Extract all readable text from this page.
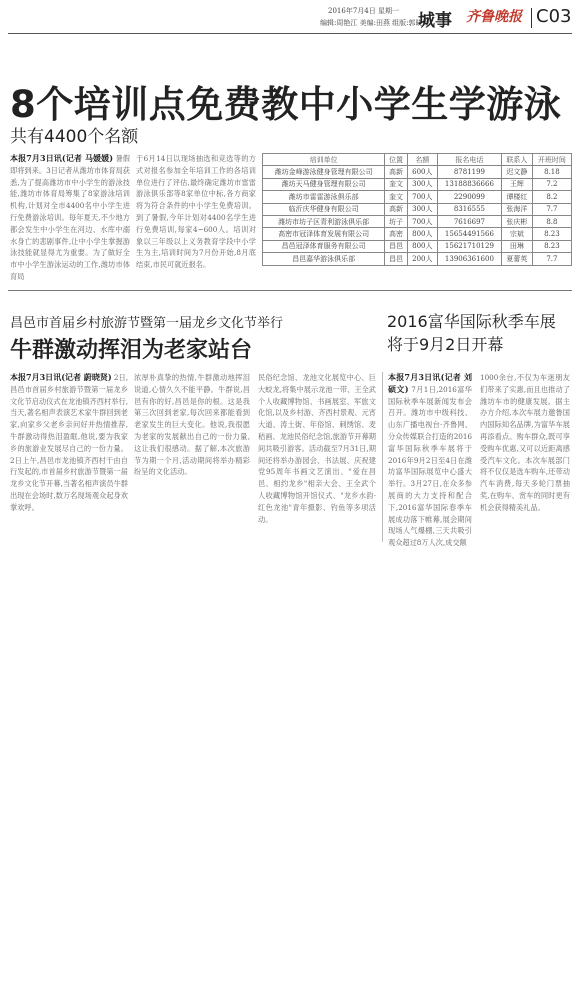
2016年7月4日 星期一
编辑:周艳江 美编:田燕 组版:郭晓妮
城事 齐鲁晚报 C03
8个培训点免费教中小学生学游泳
共有4400个名额
本报7月3日讯(记者 马媛媛) 暑假即将到来。3日记者从潍坊市体育局获悉,为了提高潍坊市中小学生的游泳技能,潍坊市体育局筹集了8家游泳培训机构,计划对全市4400名中小学生进行免费游泳培训。每年夏天,不少地方都会发生中小学生在河边、水库中溺水身亡的悲剧事件,让中小学生掌握游泳技能就显得尤为重要。为了做好全市中小学生游泳运动的工作,潍坊市体育局
于6月14日以现场抽选和竞选等的方式对报名参加全年培训工作的各培训单位进行了评估,最终确定潍坊市雷雷游泳俱乐部等8家单位中标,各方商家将为符合条件的中小学生免费培训。到了暑假,今年计划对4400名学生进行免费培训,每家4~600人。培训对象以三年级以上义务教育学段中小学生为主,培训时间为7月份开始,8月底结束,市民可就近报名。
培训单位	位置	名额	报名电话	联系人	开班时间
潍坊金峰游泳健身管理有限公司	高新	600人	8781199	迟文静	8.18
潍坊天马健身管理有限公司	奎文	300人	13188836666	王辉	7.2
潍坊市雷雷游泳俱乐部	奎文	700人	2290099	谭楼红	8.2
临沂庆华健身有限公司	高新	300人	8316555	张海洋	7.7
潍坊市坊子区青利游泳俱乐部	坊子	700人	7616697	张庆彬	8.8
高密市冠泽体育发展有限公司	高密	800人	15654491566	宗斌	8.23
昌邑冠泽体育服务有限公司	昌邑	800人	15621710129	田琳	8.23
昌邑嘉华游泳俱乐部	昌邑	200人	13906361600	夏蕾英	7.7
昌邑市首届乡村旅游节暨第一届龙乡文化节举行
牛群激动挥泪为老家站台
本报7月3日讯(记者 蔚晓贤) 2日,昌邑市首届乡村旅游节暨第一届龙乡文化节启动仪式在龙池镇齐西村举行,当天,著名相声表演艺术家牛群回到老家,向家乡父老乡亲问好并热情推荐,牛群激动得热泪盈眶,他说,要为我家乡的旅游业发展尽自己的一份力量。2日上午,昌邑市龙池镇齐西村干由自行发起的,市首届乡村旅游节暨第一届龙乡文化节开幕,当著名相声演员牛群出现在会场时,数万名现场观众起身欢掌欢呼。
浓厚朴真挚的热情,牛群激动地挥泪说道,心情久久不能平静。牛群说,昌邑有你的好,昌邑是你的根。这是我第三次回到老家,每次回来都能看到老家发生的巨大变化。他说,我很愿为老家的发展献出自己的一份力量,这让我们很感动。据了解,本次旅游节为期一个月,活动期间将举办精彩纷呈的文化活动。
民俗纪念馆、龙池文化展览中心、巨大蛟龙,将集中展示龙池一带、王全武个人收藏博物馆、书画展室、军旅文化馆,以及乡村游、齐西村景观、元宵大道、涛土街、年俗馆、刺绣馆、麦秸画、龙池民俗纪念馆,旅游节开幕期间共吸引游客。活动截至7月31日,期间还将举办游园会、书法展、庆祝建党95周年书画文艺演出、"爱在昌邑、相约龙乡"相亲大会、王全武个人收藏博物馆开馆仪式、"龙乡水韵·红色龙池"青年摄影、钓鱼等多项活动。
2016富华国际秋季车展
将于9月2日开幕
本报7月3日讯(记者 刘硕文) 7月1日,2016富华国际秋季车展新闻发布会召开。潍坊市中级科技、山东广播电视台·齐鲁网、分众传媒联合打造的2016富华国际秋季车展将于2016年9月2日至4日在潍坊富华国际展览中心盛大举行。3月27日,在众多参展商的大力支持和配合下,2016富华国际春季车展成功落下帷幕,展会期间现场人气爆棚,三天共吸引观众超过8万人次,成交额
1000余台,不仅为车迷朋友们带来了实惠,而且也推动了潍坊车市的健康发展。据主办方介绍,本次车展力邀鲁国内国际知名品牌,为富华车展再添看点。购车群众,既可享受购车优惠,又可以近距离感受汽车文化。本次车展部门将不仅仅是选车购车,还带动汽车消费,每天多轮门票抽奖,在购车、赏车的同时更有机会获得精美礼品。
